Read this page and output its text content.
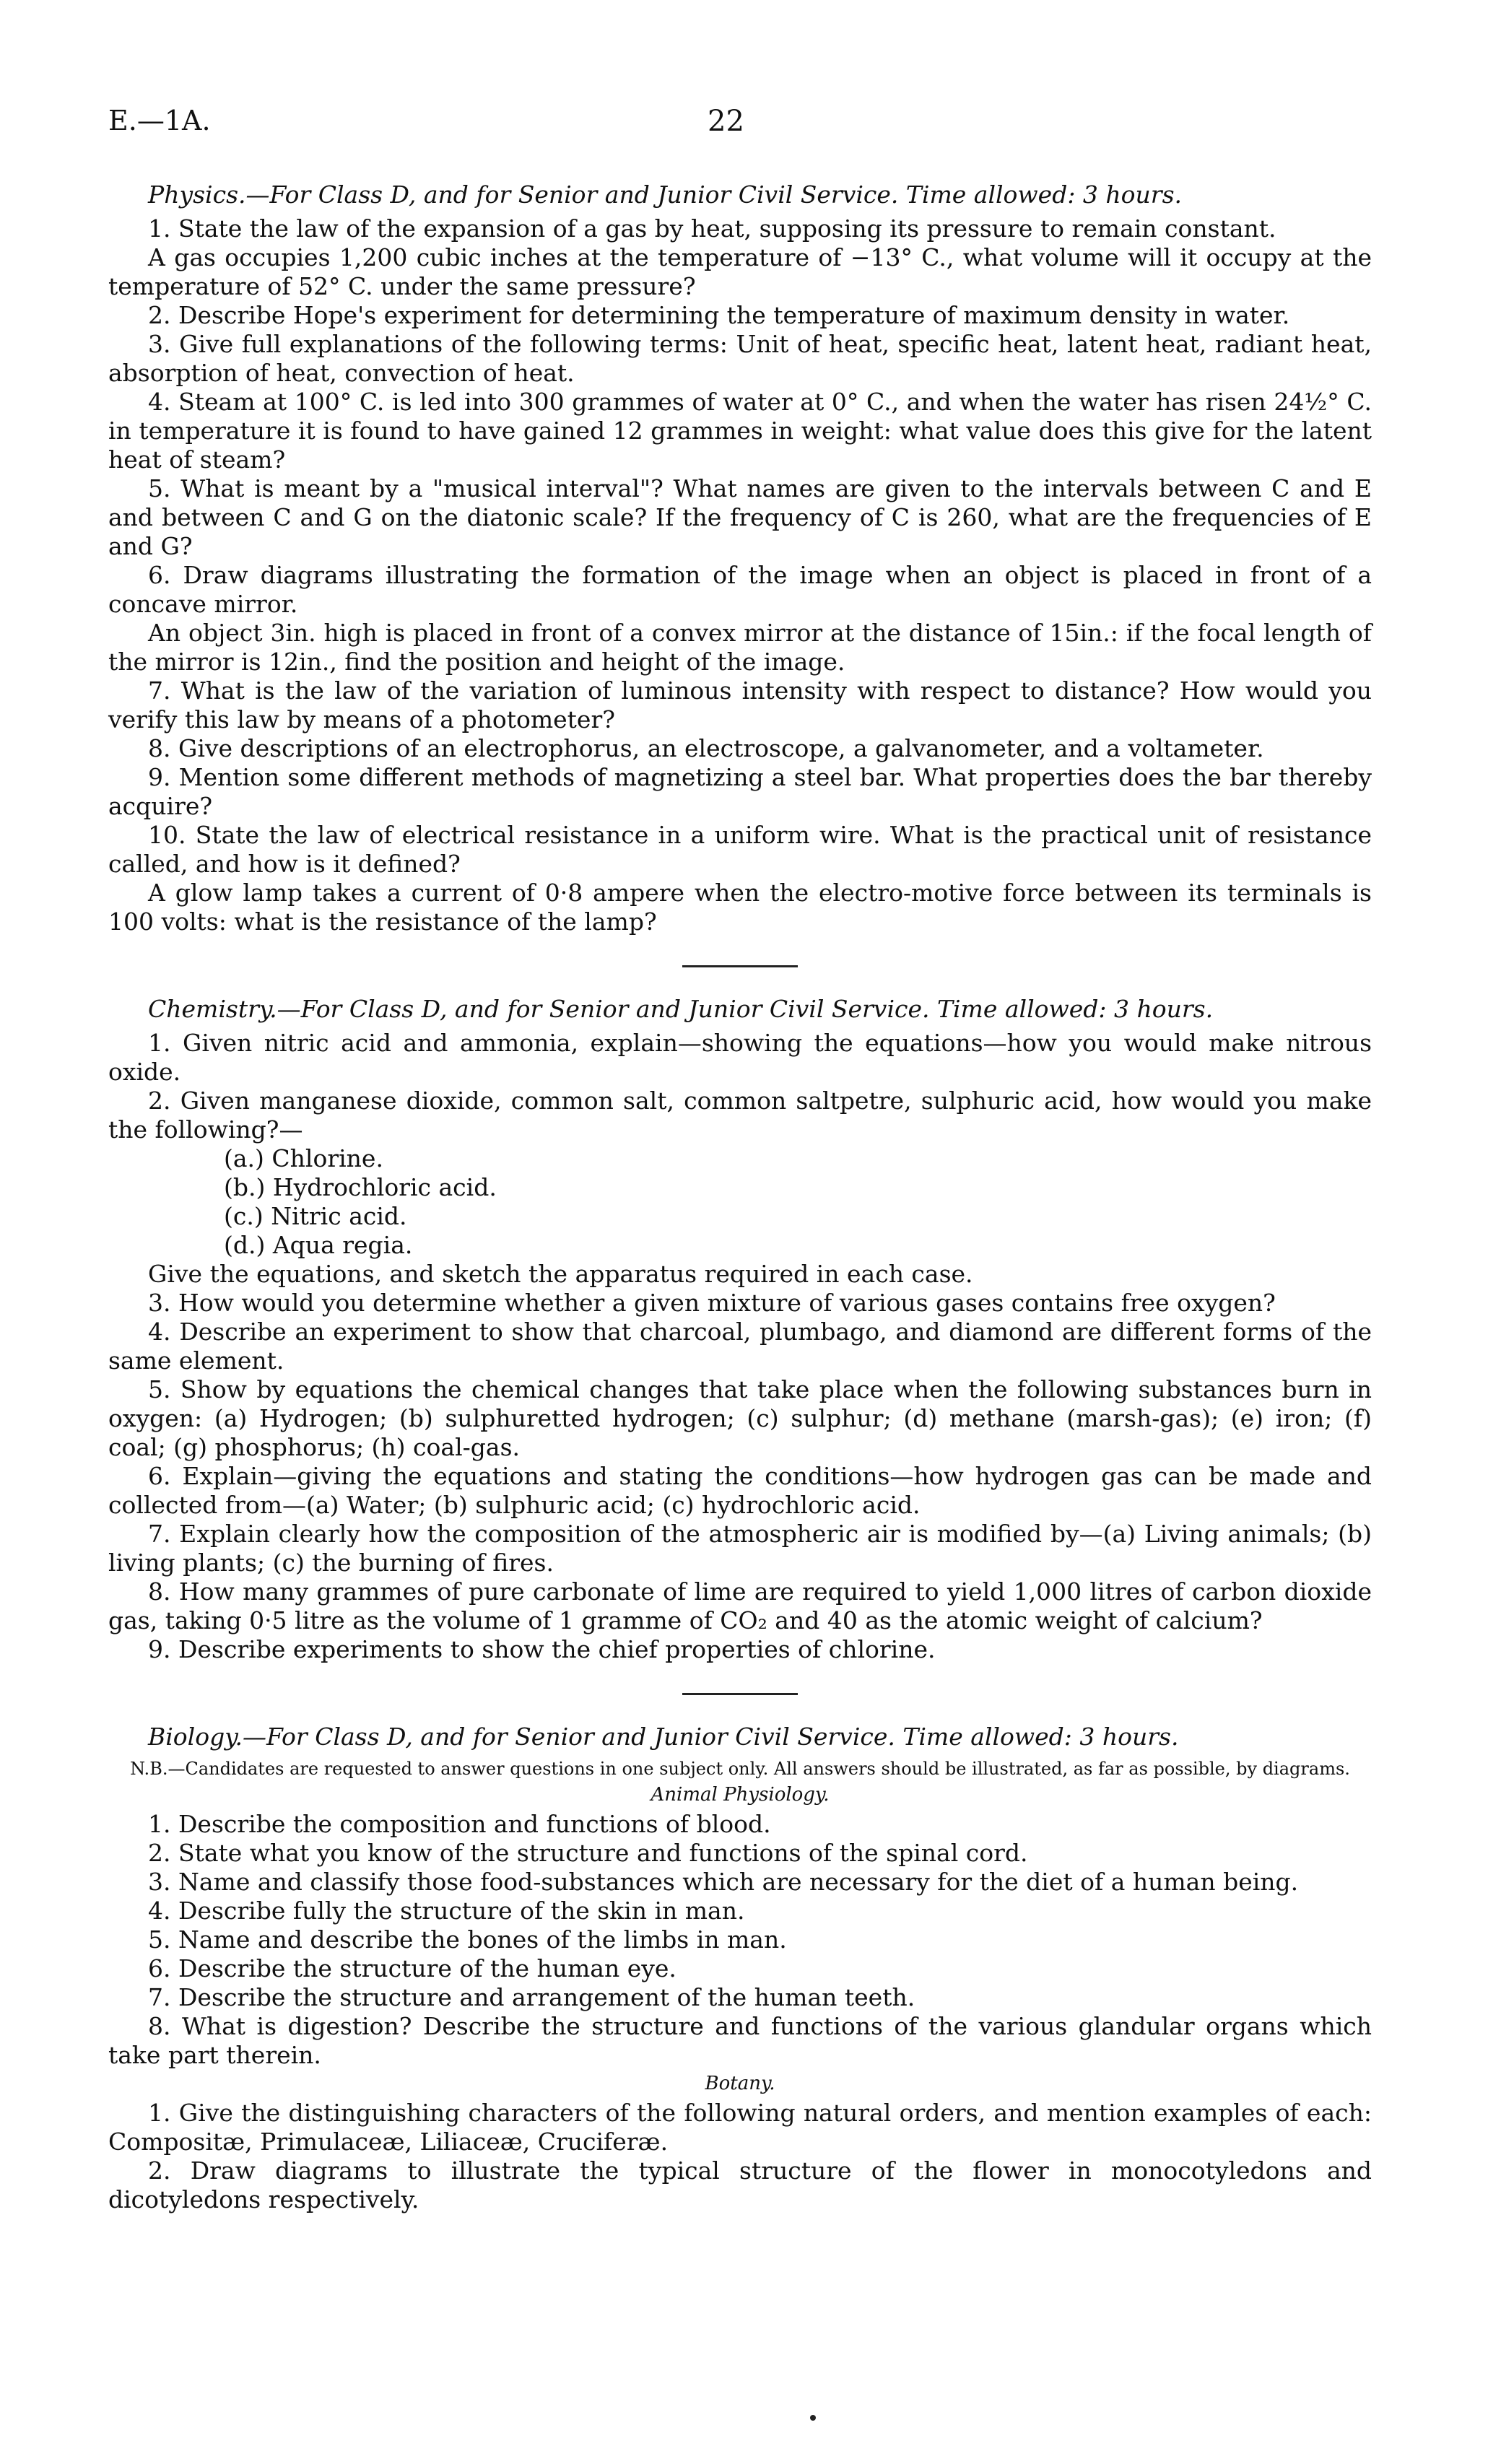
E.—1A.	22

Physics.—For Class D, and for Senior and Junior Civil Service. Time allowed: 3 hours.

1. State the law of the expansion of a gas by heat, supposing its pressure to remain constant.

A gas occupies 1,200 cubic inches at the temperature of −13° C., what volume will it occupy at the temperature of 52° C. under the same pressure?

2. Describe Hope's experiment for determining the temperature of maximum density in water.

3. Give full explanations of the following terms: Unit of heat, specific heat, latent heat, radiant heat, absorption of heat, convection of heat.

4. Steam at 100° C. is led into 300 grammes of water at 0° C., and when the water has risen 24½° C. in temperature it is found to have gained 12 grammes in weight: what value does this give for the latent heat of steam?

5. What is meant by a "musical interval"? What names are given to the intervals between C and E and between C and G on the diatonic scale? If the frequency of C is 260, what are the frequencies of E and G?

6. Draw diagrams illustrating the formation of the image when an object is placed in front of a concave mirror.

An object 3in. high is placed in front of a convex mirror at the distance of 15in.: if the focal length of the mirror is 12in., find the position and height of the image.

7. What is the law of the variation of luminous intensity with respect to distance? How would you verify this law by means of a photometer?

8. Give descriptions of an electrophorus, an electroscope, a galvanometer, and a voltameter.

9. Mention some different methods of magnetizing a steel bar. What properties does the bar thereby acquire?

10. State the law of electrical resistance in a uniform wire. What is the practical unit of resistance called, and how is it defined?

A glow lamp takes a current of 0·8 ampere when the electro-motive force between its terminals is 100 volts: what is the resistance of the lamp?

Chemistry.—For Class D, and for Senior and Junior Civil Service. Time allowed: 3 hours.

1. Given nitric acid and ammonia, explain—showing the equations—how you would make nitrous oxide.

2. Given manganese dioxide, common salt, common saltpetre, sulphuric acid, how would you make the following?—

(a.) Chlorine.

(b.) Hydrochloric acid.

(c.) Nitric acid.

(d.) Aqua regia.

Give the equations, and sketch the apparatus required in each case.

3. How would you determine whether a given mixture of various gases contains free oxygen?

4. Describe an experiment to show that charcoal, plumbago, and diamond are different forms of the same element.

5. Show by equations the chemical changes that take place when the following substances burn in oxygen: (a) Hydrogen; (b) sulphuretted hydrogen; (c) sulphur; (d) methane (marsh-gas); (e) iron; (f) coal; (g) phosphorus; (h) coal-gas.

6. Explain—giving the equations and stating the conditions—how hydrogen gas can be made and collected from—(a) Water; (b) sulphuric acid; (c) hydrochloric acid.

7. Explain clearly how the composition of the atmospheric air is modified by—(a) Living animals; (b) living plants; (c) the burning of fires.

8. How many grammes of pure carbonate of lime are required to yield 1,000 litres of carbon dioxide gas, taking 0·5 litre as the volume of 1 gramme of CO₂ and 40 as the atomic weight of calcium?

9. Describe experiments to show the chief properties of chlorine.

Biology.—For Class D, and for Senior and Junior Civil Service. Time allowed: 3 hours.

N.B.—Candidates are requested to answer questions in one subject only. All answers should be illustrated, as far as possible, by diagrams.

Animal Physiology.

1. Describe the composition and functions of blood.

2. State what you know of the structure and functions of the spinal cord.

3. Name and classify those food-substances which are necessary for the diet of a human being.

4. Describe fully the structure of the skin in man.

5. Name and describe the bones of the limbs in man.

6. Describe the structure of the human eye.

7. Describe the structure and arrangement of the human teeth.

8. What is digestion? Describe the structure and functions of the various glandular organs which take part therein.

Botany.

1. Give the distinguishing characters of the following natural orders, and mention examples of each: Compositæ, Primulaceæ, Liliaceæ, Cruciferæ.

2. Draw diagrams to illustrate the typical structure of the flower in monocotyledons and dicotyledons respectively.
